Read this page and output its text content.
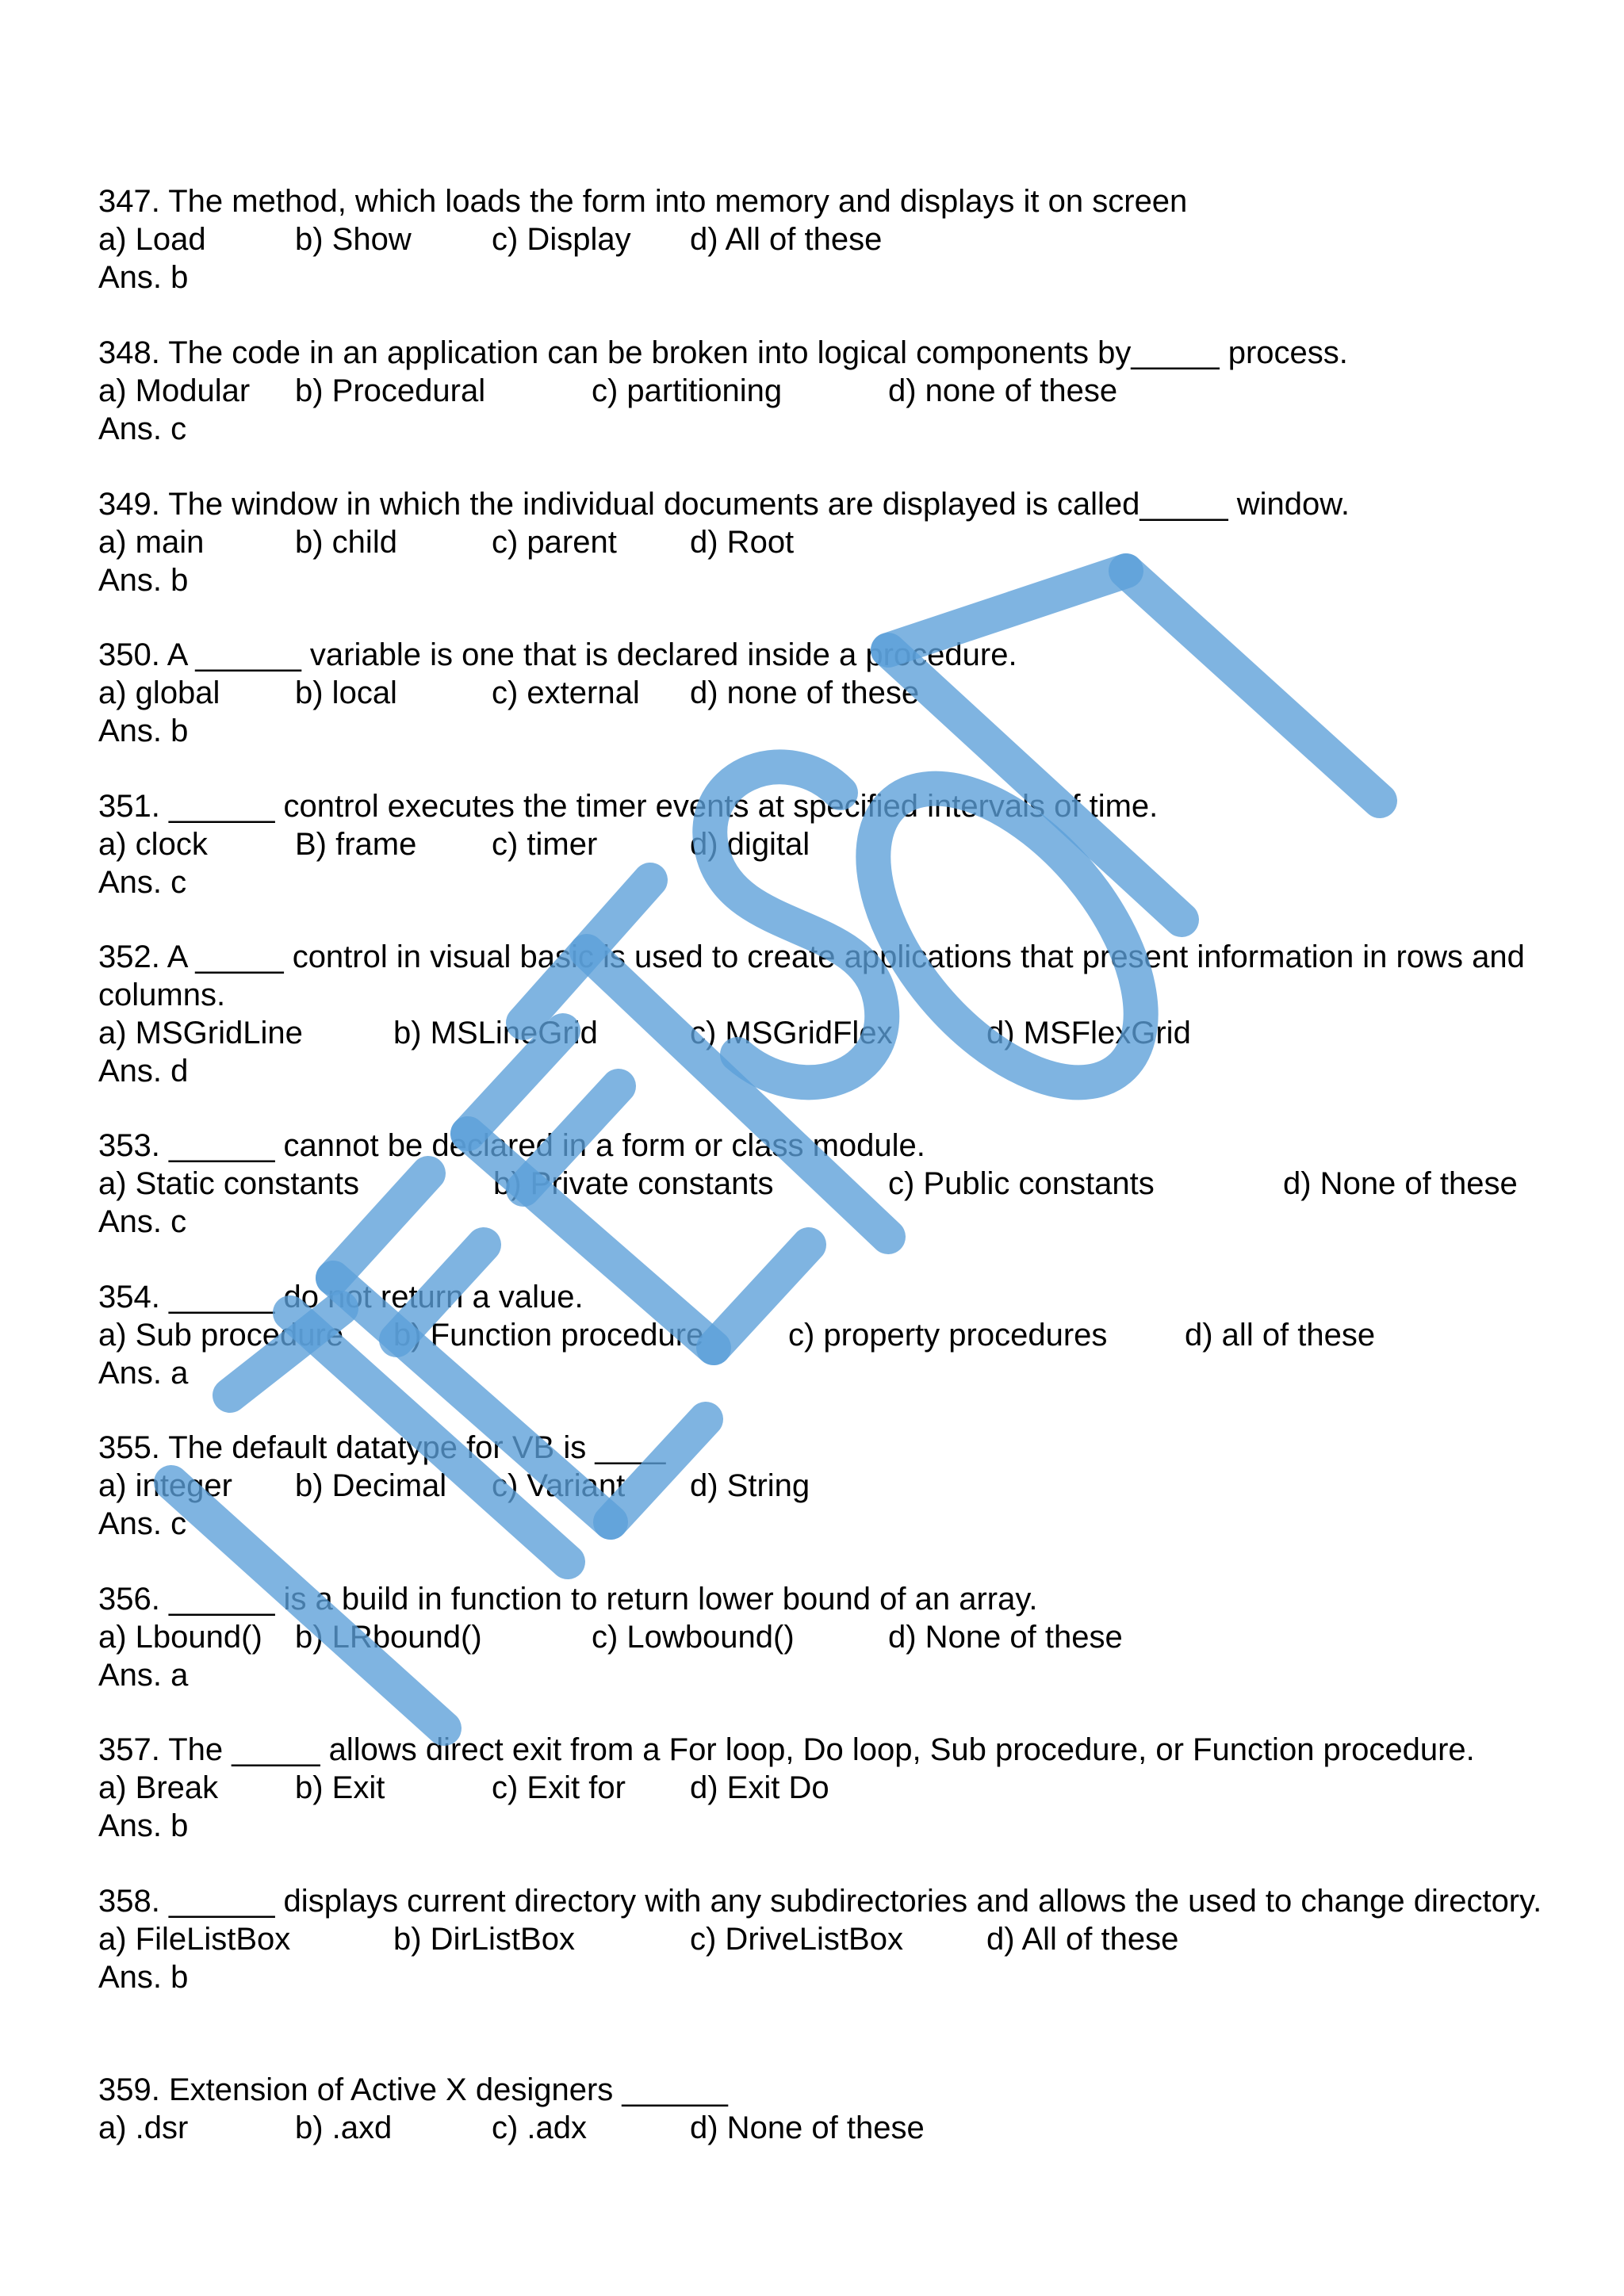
347. The method, which loads the form into memory and displays it on screen
a) Load	b) Show	c) Display d) All of these
Ans. b
348. The code in an application can be broken into logical components by_____ process.
a) Modular b) Procedural	c) partitioning	d) none of these
Ans. c
349. The window in which the individual documents are displayed is called_____ window.
a) main	b) child	c) parent d) Root
Ans. b
350. A ______ variable is one that is declared inside a procedure.
a) global b) local	c) external d) none of these
Ans. b
351. ______ control executes the timer events at specified intervals of time.
a) clock	B) frame c) timer	d) digital
Ans. c
352. A _____ control in visual basic is used to create applications that present information in rows and columns.
a) MSGridLine	b) MSLineGrid	c) MSGridFlex	d) MSFlexGrid
Ans. d
353. ______ cannot be declared in a form or class module.
a) Static constants	b) Private constants	c) Public constants	d) None of these
Ans. c
354. ______ do not return a value.
a) Sub procedure b) Function procedure	c) property procedures d) all of these
Ans. a
355. The default datatype for VB is ____
a) integer b) Decimal c) Variant d) String
Ans. c
356. ______ is a build in function to return lower bound of an array.
a) Lbound() b) LRbound()	c) Lowbound()	d) None of these
Ans. a
357. The _____ allows direct exit from a For loop, Do loop, Sub procedure, or Function procedure.
a) Break b) Exit	c) Exit for d) Exit Do
Ans. b
358. ______ displays current directory with any subdirectories and allows the used to change directory.
a) FileListBox	b) DirListBox	c) DriveListBox	d) All of these
Ans. b
359. Extension of Active X designers ______
a) .dsr	b) .axd	c) .adx	d) None of these
